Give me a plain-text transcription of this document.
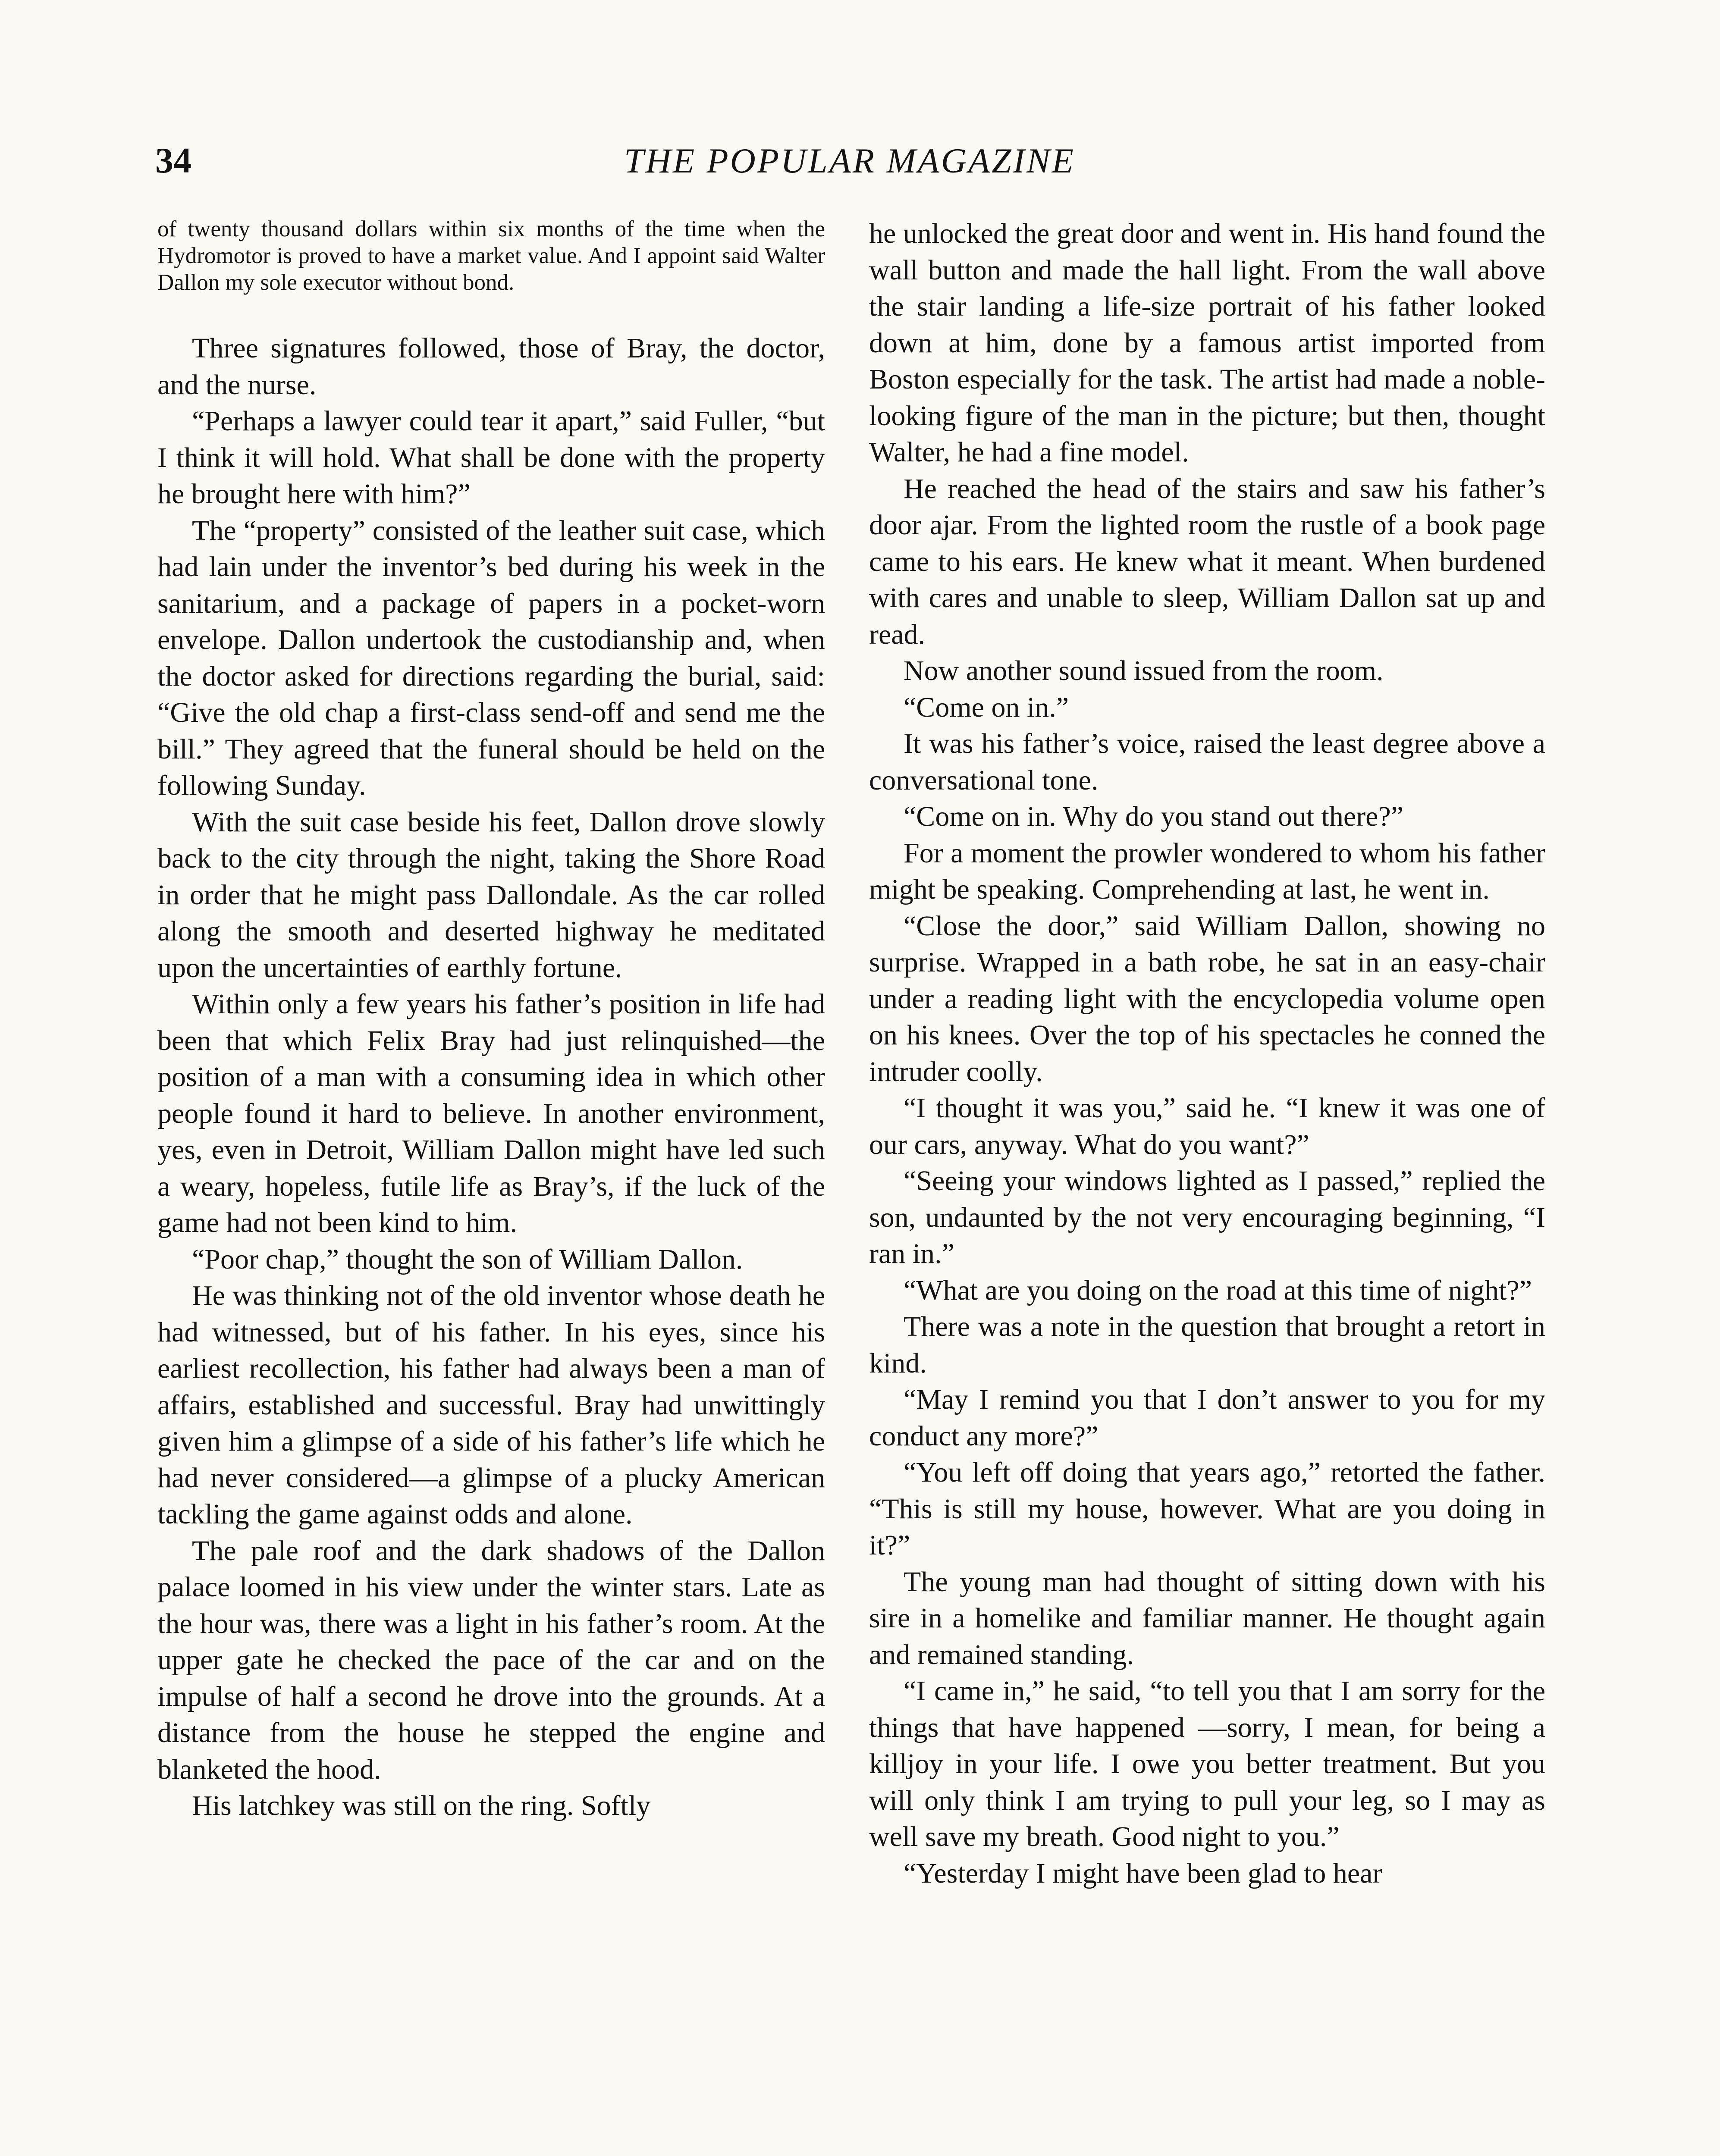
34	THE POPULAR MAGAZINE

of twenty thousand dollars within six months of the time when the Hydromotor is proved to have a market value. And I appoint said Walter Dallon my sole executor without bond.

Three signatures followed, those of Bray, the doctor, and the nurse.

“Perhaps a lawyer could tear it apart,” said Fuller, “but I think it will hold. What shall be done with the property he brought here with him?”

The “property” consisted of the leather suit case, which had lain under the inventor’s bed during his week in the sanitarium, and a package of papers in a pocket-worn envelope. Dallon undertook the custodianship and, when the doctor asked for directions regarding the burial, said: “Give the old chap a first-class send-off and send me the bill.” They agreed that the funeral should be held on the following Sunday.

With the suit case beside his feet, Dallon drove slowly back to the city through the night, taking the Shore Road in order that he might pass Dallondale. As the car rolled along the smooth and deserted highway he meditated upon the uncertainties of earthly fortune.

Within only a few years his father’s position in life had been that which Felix Bray had just relinquished—the position of a man with a consuming idea in which other people found it hard to believe. In another environment, yes, even in Detroit, William Dallon might have led such a weary, hopeless, futile life as Bray’s, if the luck of the game had not been kind to him.

“Poor chap,” thought the son of William Dallon.

He was thinking not of the old inventor whose death he had witnessed, but of his father. In his eyes, since his earliest recollection, his father had always been a man of affairs, established and successful. Bray had unwittingly given him a glimpse of a side of his father’s life which he had never considered—a glimpse of a plucky American tackling the game against odds and alone.

The pale roof and the dark shadows of the Dallon palace loomed in his view under the winter stars. Late as the hour was, there was a light in his father’s room. At the upper gate he checked the pace of the car and on the impulse of half a second he drove into the grounds. At a distance from the house he stepped the engine and blanketed the hood.

His latchkey was still on the ring. Softly

he unlocked the great door and went in. His hand found the wall button and made the hall light. From the wall above the stair landing a life-size portrait of his father looked down at him, done by a famous artist imported from Boston especially for the task. The artist had made a noble-looking figure of the man in the picture; but then, thought Walter, he had a fine model.

He reached the head of the stairs and saw his father’s door ajar. From the lighted room the rustle of a book page came to his ears. He knew what it meant. When burdened with cares and unable to sleep, William Dallon sat up and read.

Now another sound issued from the room.

“Come on in.”

It was his father’s voice, raised the least degree above a conversational tone.

“Come on in. Why do you stand out there?”

For a moment the prowler wondered to whom his father might be speaking. Comprehending at last, he went in.

“Close the door,” said William Dallon, showing no surprise. Wrapped in a bath robe, he sat in an easy-chair under a reading light with the encyclopedia volume open on his knees. Over the top of his spectacles he conned the intruder coolly.

“I thought it was you,” said he. “I knew it was one of our cars, anyway. What do you want?”

“Seeing your windows lighted as I passed,” replied the son, undaunted by the not very encouraging beginning, “I ran in.”

“What are you doing on the road at this time of night?”

There was a note in the question that brought a retort in kind.

“May I remind you that I don’t answer to you for my conduct any more?”

“You left off doing that years ago,” retorted the father. “This is still my house, however. What are you doing in it?”

The young man had thought of sitting down with his sire in a homelike and familiar manner. He thought again and remained standing.

“I came in,” he said, “to tell you that I am sorry for the things that have happened —sorry, I mean, for being a killjoy in your life. I owe you better treatment. But you will only think I am trying to pull your leg, so I may as well save my breath. Good night to you.”

“Yesterday I might have been glad to hear
